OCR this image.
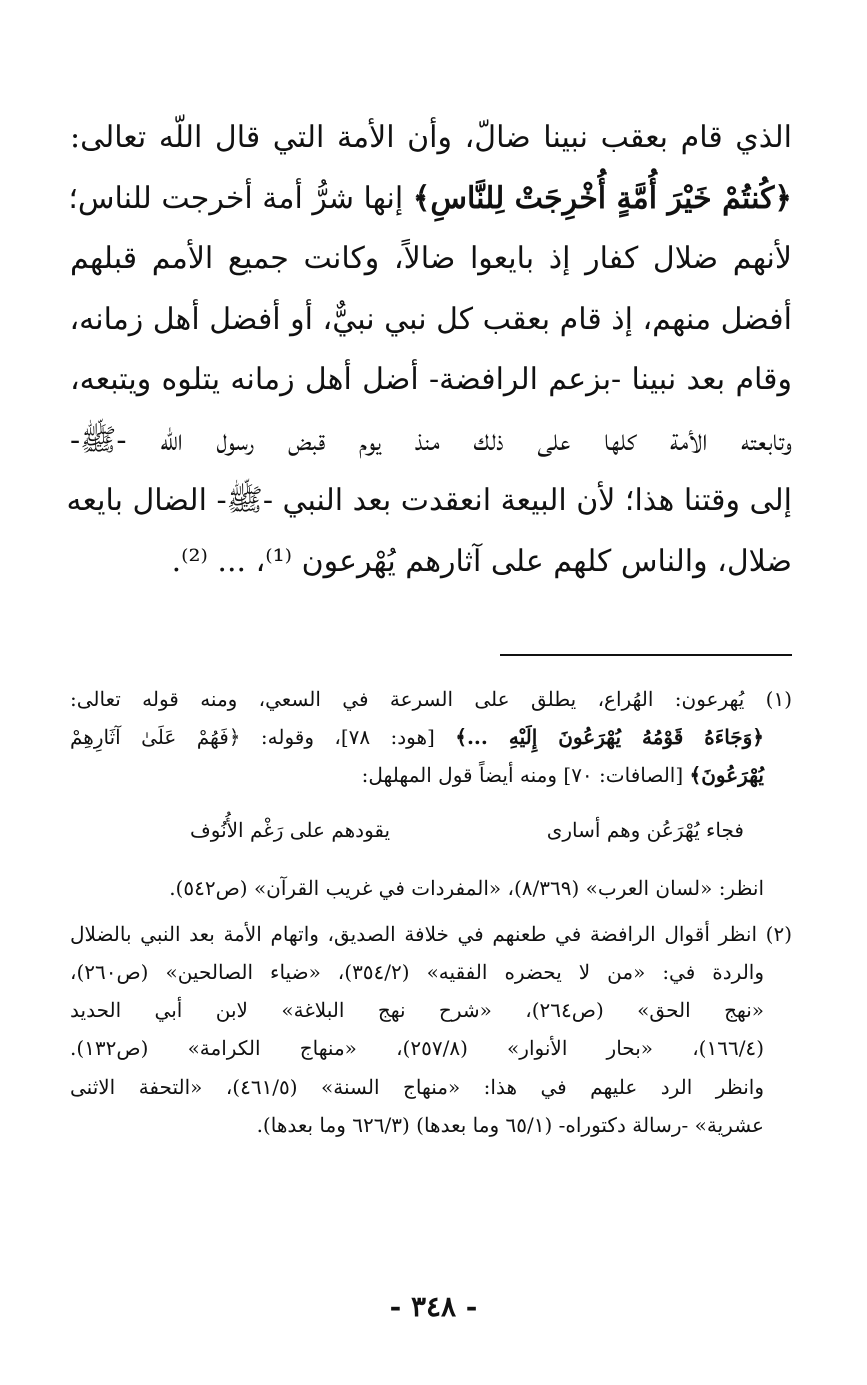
الذي قام بعقب نبينا ضالّ، وأن الأمة التي قال اللّه تعالى:

﴿كُنتُمْ خَيْرَ أُمَّةٍ أُخْرِجَتْ لِلنَّاسِ﴾ إنها شرُّ أمة أخرجت للناس؛

لأنهم ضلال كفار إذ بايعوا ضالاً، وكانت جميع الأمم قبلهم

أفضل منهم، إذ قام بعقب كل نبي نبيٌّ، أو أفضل أهل زمانه،

وقام بعد نبينا -بزعم الرافضة- أضل أهل زمانه يتلوه ويتبعه،

وتابعته الأمة كلها على ذلك منذ يوم قبض رسول اللّه -ﷺ-

إلى وقتنا هذا؛ لأن البيعة انعقدت بعد النبي -ﷺ- الضال بايعه

ضلال، والناس كلهم على آثارهم يُهْرعون ⁽¹⁾، ... ⁽²⁾.

(١) يُهرعون: الهُراع، يطلق على السرعة في السعي، ومنه قوله تعالى:

﴿وَجَاءَهُ قَوْمُهُ يُهْرَعُونَ إِلَيْهِ ...﴾ [هود: ٧٨]، وقوله: ﴿فَهُمْ عَلَىٰ آثَارِهِمْ

يُهْرَعُونَ﴾ [الصافات: ٧٠] ومنه أيضاً قول المهلهل:

فجاء يُهْرَعُن وهم أسارى
يقودهم على رَغْم الأُنُوف

انظر: «لسان العرب» (٨/٣٦٩)، «المفردات في غريب القرآن» (ص٥٤٢).

(٢) انظر أقوال الرافضة في طعنهم في خلافة الصديق، واتهام الأمة بعد النبي بالضلال

والردة في: «من لا يحضره الفقيه» (٣٥٤/٢)، «ضياء الصالحين» (ص٢٦٠)،

«نهج الحق» (ص٢٦٤)، «شرح نهج البلاغة» لابن أبي الحديد

(١٦٦/٤)، «بحار الأنوار» (٢٥٧/٨)، «منهاج الكرامة» (ص١٣٢).

وانظر الرد عليهم في هذا: «منهاج السنة» (٤٦١/٥)، «التحفة الاثنى

عشرية» -رسالة دكتوراه- (٦٥/١ وما بعدها) (٦٢٦/٣ وما بعدها).

- ٣٤٨ -
